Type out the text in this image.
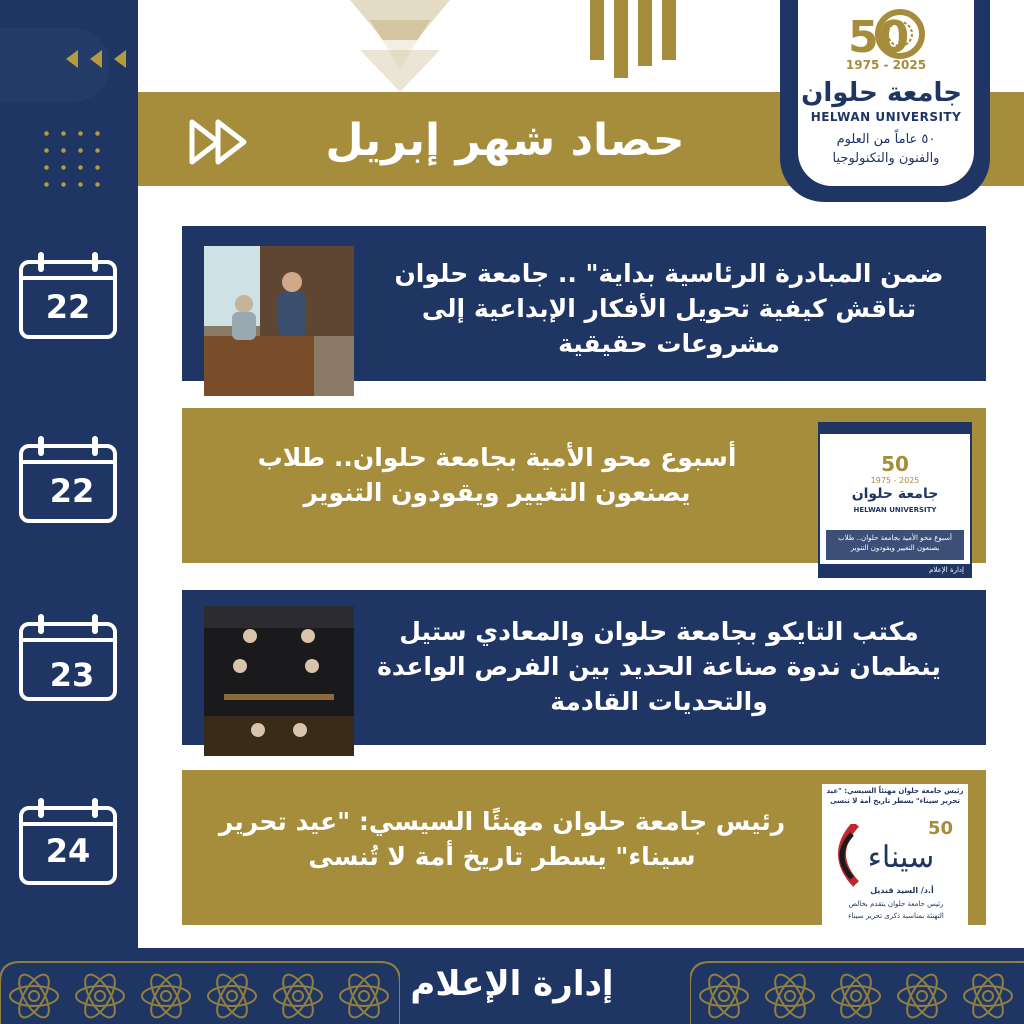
حصاد شهر إبريل
50
1975 - 2025
جامعة حلوان
HELWAN UNIVERSITY
٥٠ عاماً من العلوم
والفنون والتكنولوجيا
22
22
23
24
ضمن المبادرة الرئاسية بداية" .. جامعة حلوان تناقش كيفية تحويل الأفكار الإبداعية إلى مشروعات حقيقية
أسبوع محو الأمية بجامعة حلوان.. طلاب يصنعون التغيير ويقودون التنوير
50
1975 - 2025
جامعة حلوان
HELWAN UNIVERSITY
أسبوع محو الأمية بجامعة حلوان.. طلاب يصنعون التغيير ويقودون التنوير
إدارة الإعلام
مكتب التايكو بجامعة حلوان والمعادي ستيل ينظمان ندوة صناعة الحديد بين الفرص الواعدة والتحديات القادمة
رئيس جامعة حلوان مهنئًا السيسي: "عيد تحرير سيناء" يسطر تاريخ أمة لا تُنسى
رئيس جامعة حلوان مهنئاً السيسي: "عيد تحرير سيناء" يسطر تاريخ أمة لا تنسى
50
سيناء
أ.د/ السيد قنديل
رئيس جامعة حلوان يتقدم بخالص
التهنئة بمناسبة ذكرى تحرير سيناء
إدارة الإعلام
